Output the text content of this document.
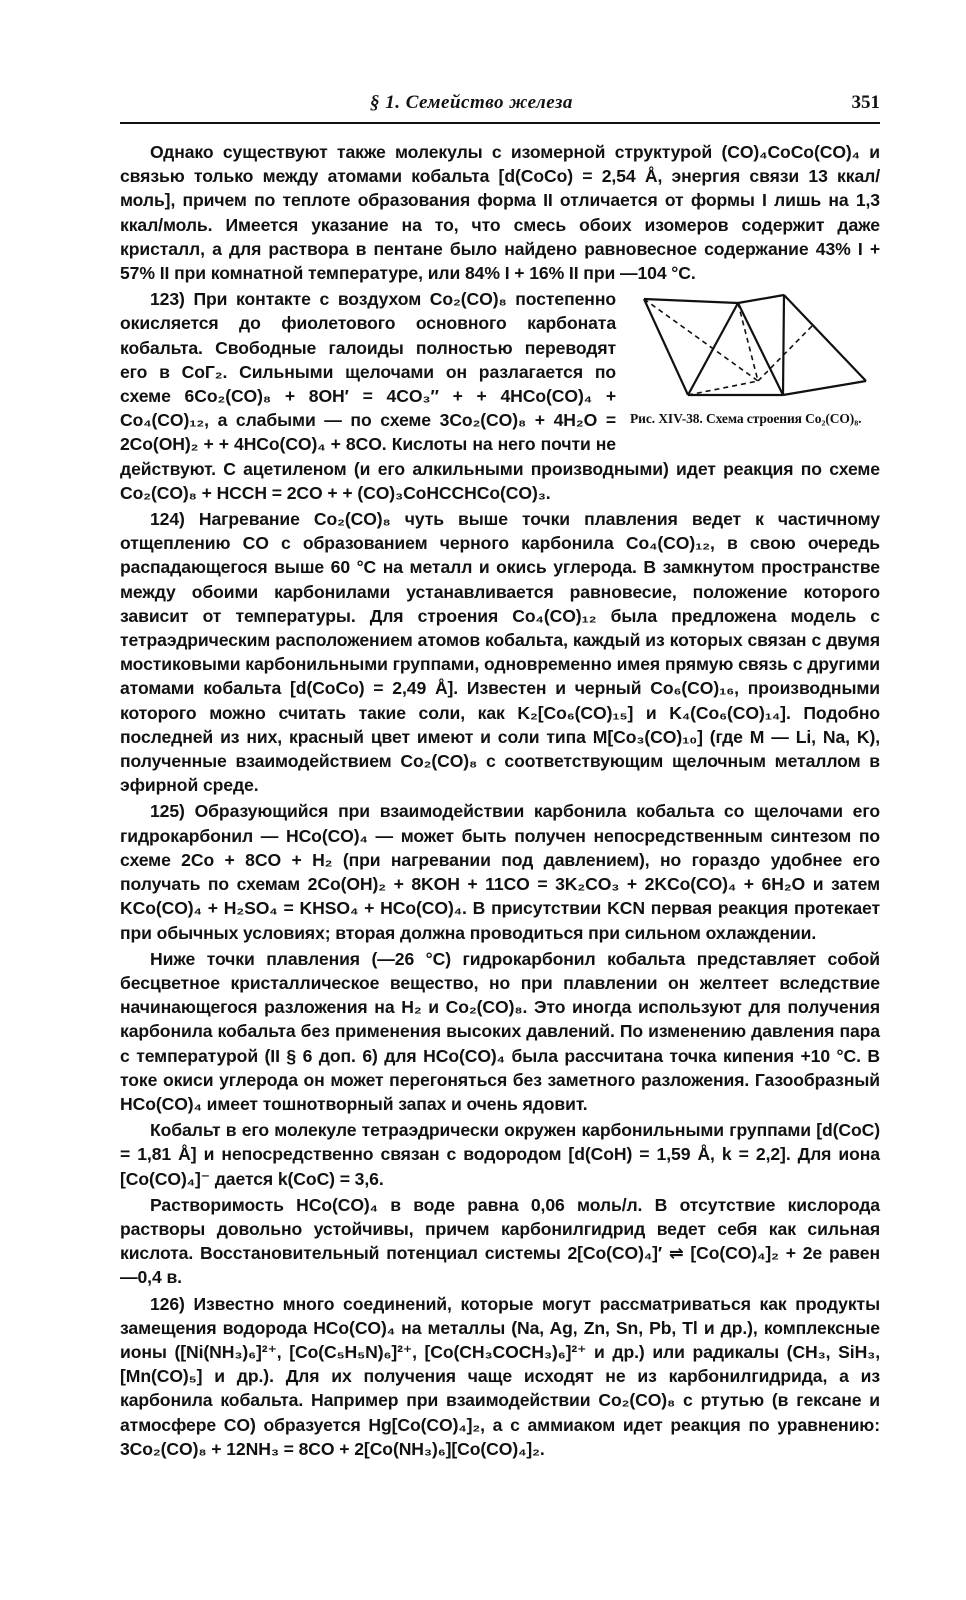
§ 1. Семейство железа	351

Однако существуют также молекулы с изомерной структурой (CO)₄CoCo(CO)₄ и связью только между атомами кобальта [d(CoCo) = 2,54 Å, энергия связи 13 ккал/моль], причем по теплоте образования форма II отличается от формы I лишь на 1,3 ккал/моль. Имеется указание на то, что смесь обоих изомеров содержит даже кристалл, а для раствора в пентане было найдено равновесное содержание 43% I + 57% II при комнатной температуре, или 84% I + 16% II при —104 °С.

Рис. XIV-38. Схема строения Co₂(CO)₈.
123) При контакте с воздухом Co₂(CO)₈ постепенно окисляется до фиолетового основного карбоната кобальта. Свободные галоиды полностью переводят его в CoГ₂. Сильными щелочами он разлагается по схеме 6Co₂(CO)₈ + 8OH′ = 4CO₃″ + + 4HCo(CO)₄ + Co₄(CO)₁₂, а слабыми — по схеме 3Co₂(CO)₈ + 4H₂O = 2Co(OH)₂ + + 4HCo(CO)₄ + 8CO. Кислоты на него почти не действуют. С ацетиленом (и его алкильными производными) идет реакция по схеме Co₂(CO)₈ + HCCH = 2CO + + (CO)₃CoHCCHCo(CO)₃.

124) Нагревание Co₂(CO)₈ чуть выше точки плавления ведет к частичному отщеплению CO с образованием черного карбонила Co₄(CO)₁₂, в свою очередь распадающегося выше 60 °С на металл и окись углерода. В замкнутом пространстве между обоими карбонилами устанавливается равновесие, положение которого зависит от температуры. Для строения Co₄(CO)₁₂ была предложена модель с тетраэдрическим расположением атомов кобальта, каждый из которых связан с двумя мостиковыми карбонильными группами, одновременно имея прямую связь с другими атомами кобальта [d(CoCo) = 2,49 Å]. Известен и черный Co₆(CO)₁₆, производными которого можно считать такие соли, как K₂[Co₆(CO)₁₅] и K₄(Co₆(CO)₁₄]. Подобно последней из них, красный цвет имеют и соли типа M[Co₃(CO)₁₀] (где M — Li, Na, K), полученные взаимодействием Co₂(CO)₈ с соответствующим щелочным металлом в эфирной среде.

125) Образующийся при взаимодействии карбонила кобальта со щелочами его гидрокарбонил — HCo(CO)₄ — может быть получен непосредственным синтезом по схеме 2Co + 8CO + H₂ (при нагревании под давлением), но гораздо удобнее его получать по схемам 2Co(OH)₂ + 8KOH + 11CO = 3K₂CO₃ + 2KCo(CO)₄ + 6H₂O и затем KCo(CO)₄ + H₂SO₄ = KHSO₄ + HCo(CO)₄. В присутствии KCN первая реакция протекает при обычных условиях; вторая должна проводиться при сильном охлаждении.

Ниже точки плавления (—26 °С) гидрокарбонил кобальта представляет собой бесцветное кристаллическое вещество, но при плавлении он желтеет вследствие начинающегося разложения на H₂ и Co₂(CO)₈. Это иногда используют для получения карбонила кобальта без применения высоких давлений. По изменению давления пара с температурой (II § 6 доп. 6) для HCo(CO)₄ была рассчитана точка кипения +10 °С. В токе окиси углерода он может перегоняться без заметного разложения. Газообразный HCo(CO)₄ имеет тошнотворный запах и очень ядовит.

Кобальт в его молекуле тетраэдрически окружен карбонильными группами [d(CoC) = 1,81 Å] и непосредственно связан с водородом [d(CoH) = 1,59 Å, k = 2,2]. Для иона [Co(CO)₄]⁻ дается k(CoC) = 3,6.

Растворимость HCo(CO)₄ в воде равна 0,06 моль/л. В отсутствие кислорода растворы довольно устойчивы, причем карбонилгидрид ведет себя как сильная кислота. Восстановительный потенциал системы 2[Co(CO)₄]′ ⇌ [Co(CO)₄]₂ + 2e равен —0,4 в.

126) Известно много соединений, которые могут рассматриваться как продукты замещения водорода HCo(CO)₄ на металлы (Na, Ag, Zn, Sn, Pb, Tl и др.), комплексные ионы ([Ni(NH₃)₆]²⁺, [Co(C₅H₅N)₆]²⁺, [Co(CH₃COCH₃)₆]²⁺ и др.) или радикалы (CH₃, SiH₃, [Mn(CO)₅] и др.). Для их получения чаще исходят не из карбонилгидрида, а из карбонила кобальта. Например при взаимодействии Co₂(CO)₈ с ртутью (в гексане и атмосфере CO) образуется Hg[Co(CO)₄]₂, а с аммиаком идет реакция по уравнению: 3Co₂(CO)₈ + 12NH₃ = 8CO + 2[Co(NH₃)₆][Co(CO)₄]₂.
